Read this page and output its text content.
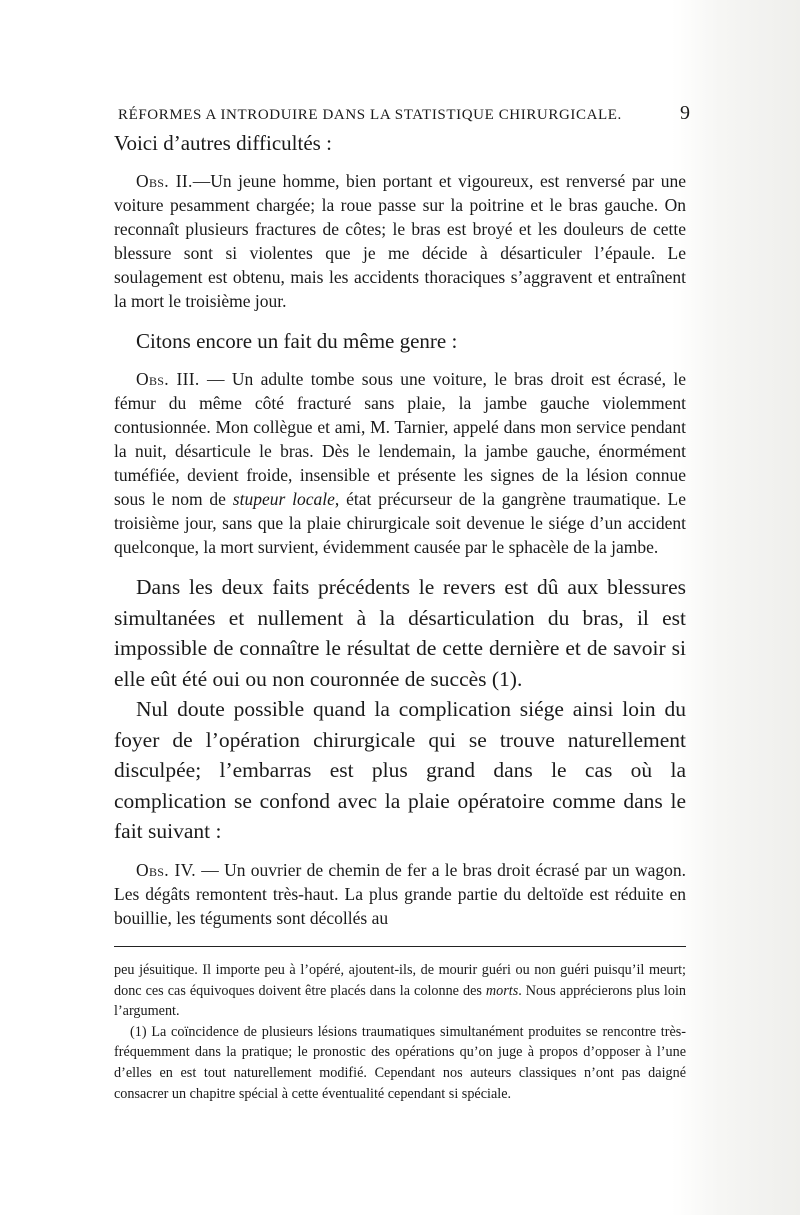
RÉFORMES A INTRODUIRE DANS LA STATISTIQUE CHIRURGICALE.	9

Voici d’autres difficultés :

Obs. II.—Un jeune homme, bien portant et vigoureux, est renversé par une voiture pesamment chargée; la roue passe sur la poitrine et le bras gauche. On reconnaît plusieurs fractures de côtes; le bras est broyé et les douleurs de cette blessure sont si violentes que je me décide à désarticuler l’épaule. Le soulagement est obtenu, mais les accidents thoraciques s’aggravent et entraînent la mort le troisième jour.

Citons encore un fait du même genre :

Obs. III. — Un adulte tombe sous une voiture, le bras droit est écrasé, le fémur du même côté fracturé sans plaie, la jambe gauche violemment contusionnée. Mon collègue et ami, M. Tarnier, appelé dans mon service pendant la nuit, désarticule le bras. Dès le lendemain, la jambe gauche, énormément tuméfiée, devient froide, insensible et présente les signes de la lésion connue sous le nom de stupeur locale, état précurseur de la gangrène traumatique. Le troisième jour, sans que la plaie chirurgicale soit devenue le siége d’un accident quelconque, la mort survient, évidemment causée par le sphacèle de la jambe.

Dans les deux faits précédents le revers est dû aux blessures simultanées et nullement à la désarticulation du bras, il est impossible de connaître le résultat de cette dernière et de savoir si elle eût été oui ou non couronnée de succès (1).

Nul doute possible quand la complication siége ainsi loin du foyer de l’opération chirurgicale qui se trouve naturellement disculpée; l’embarras est plus grand dans le cas où la complication se confond avec la plaie opératoire comme dans le fait suivant :

Obs. IV. — Un ouvrier de chemin de fer a le bras droit écrasé par un wagon. Les dégâts remontent très-haut. La plus grande partie du deltoïde est réduite en bouillie, les téguments sont décollés au

peu jésuitique. Il importe peu à l’opéré, ajoutent-ils, de mourir guéri ou non guéri puisqu’il meurt; donc ces cas équivoques doivent être placés dans la colonne des morts. Nous apprécierons plus loin l’argument.

(1) La coïncidence de plusieurs lésions traumatiques simultanément produites se rencontre très-fréquemment dans la pratique; le pronostic des opérations qu’on juge à propos d’opposer à l’une d’elles en est tout naturellement modifié. Cependant nos auteurs classiques n’ont pas daigné consacrer un chapitre spécial à cette éventualité cependant si spéciale.
